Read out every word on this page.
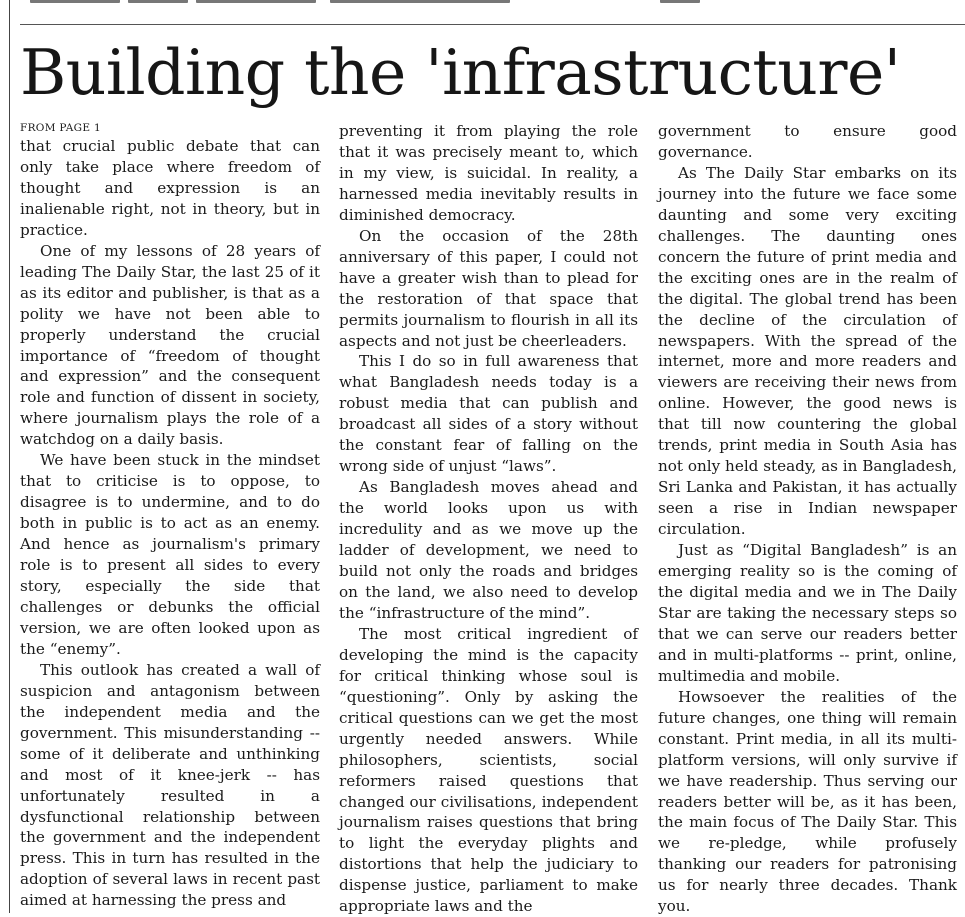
Building the 'infrastructure'
FROM PAGE 1

that crucial public debate that can only take place where freedom of thought and expression is an inalienable right, not in theory, but in practice.

One of my lessons of 28 years of leading The Daily Star, the last 25 of it as its editor and publisher, is that as a polity we have not been able to properly understand the crucial importance of “freedom of thought and expression” and the consequent role and function of dissent in society, where journalism plays the role of a watchdog on a daily basis.

We have been stuck in the mindset that to criticise is to oppose, to disagree is to undermine, and to do both in public is to act as an enemy. And hence as journalism's primary role is to present all sides to every story, especially the side that challenges or debunks the official version, we are often looked upon as the “enemy”.

This outlook has created a wall of suspicion and antagonism between the independent media and the government. This misunderstanding -- some of it deliberate and unthinking and most of it knee-jerk -- has unfortunately resulted in a dysfunctional relationship between the government and the independent press. This in turn has resulted in the adoption of several laws in recent past aimed at harnessing the press and

preventing it from playing the role that it was precisely meant to, which in my view, is suicidal. In reality, a harnessed media inevitably results in diminished democracy.

On the occasion of the 28th anniversary of this paper, I could not have a greater wish than to plead for the restoration of that space that permits journalism to flourish in all its aspects and not just be cheerleaders.

This I do so in full awareness that what Bangladesh needs today is a robust media that can publish and broadcast all sides of a story without the constant fear of falling on the wrong side of unjust “laws”.

As Bangladesh moves ahead and the world looks upon us with incredulity and as we move up the ladder of development, we need to build not only the roads and bridges on the land, we also need to develop the “infrastructure of the mind”.

The most critical ingredient of developing the mind is the capacity for critical thinking whose soul is “questioning”. Only by asking the critical questions can we get the most urgently needed answers. While philosophers, scientists, social reformers raised questions that changed our civilisations, independent journalism raises questions that bring to light the everyday plights and distortions that help the judiciary to dispense justice, parliament to make appropriate laws and the

government to ensure good governance.

As The Daily Star embarks on its journey into the future we face some daunting and some very exciting challenges. The daunting ones concern the future of print media and the exciting ones are in the realm of the digital. The global trend has been the decline of the circulation of newspapers. With the spread of the internet, more and more readers and viewers are receiving their news from online. However, the good news is that till now countering the global trends, print media in South Asia has not only held steady, as in Bangladesh, Sri Lanka and Pakistan, it has actually seen a rise in Indian newspaper circulation.

Just as “Digital Bangladesh” is an emerging reality so is the coming of the digital media and we in The Daily Star are taking the necessary steps so that we can serve our readers better and in multi-platforms -- print, online, multimedia and mobile.

Howsoever the realities of the future changes, one thing will remain constant. Print media, in all its multi-platform versions, will only survive if we have readership. Thus serving our readers better will be, as it has been, the main focus of The Daily Star. This we re-pledge, while profusely thanking our readers for patronising us for nearly three decades. Thank you.
